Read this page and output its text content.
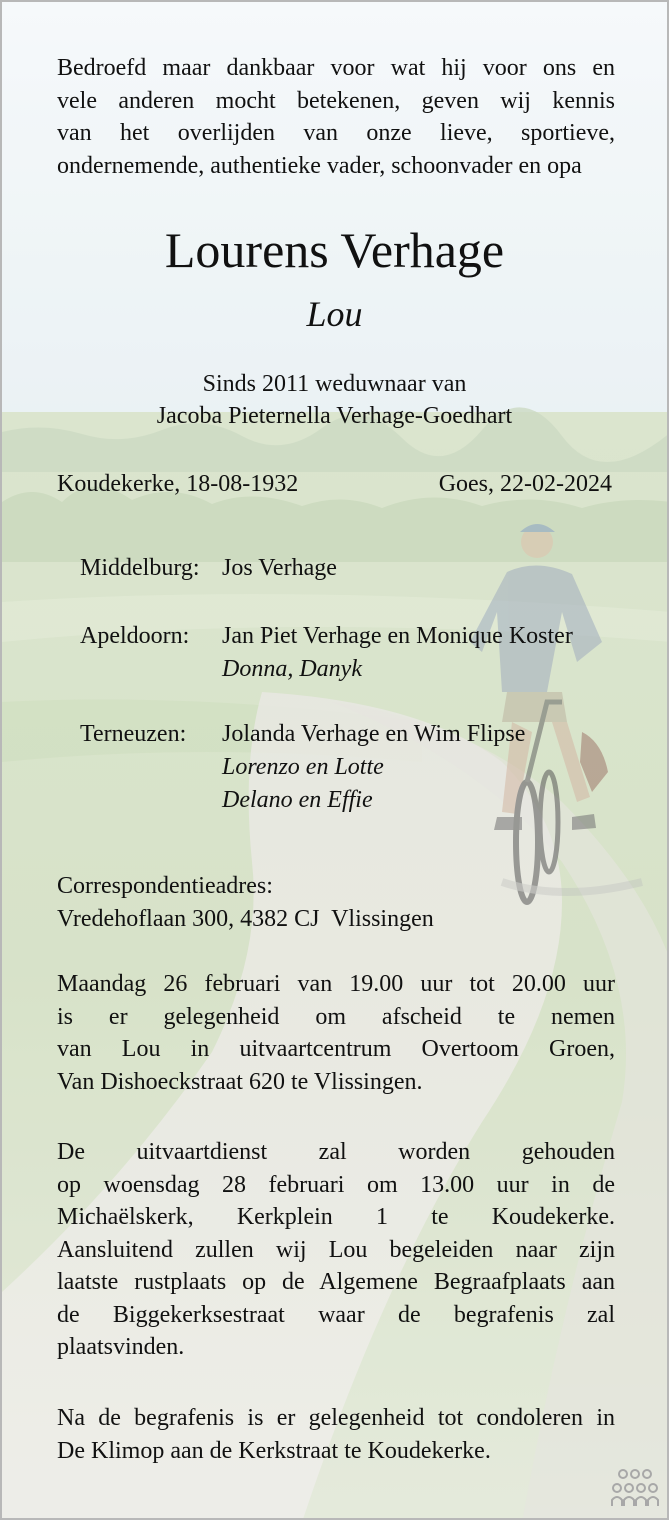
Bedroefd maar dankbaar voor wat hij voor ons en
vele anderen mocht betekenen, geven wij kennis
van het overlijden van onze lieve, sportieve,
ondernemende, authentieke vader, schoonvader en opa

Lourens Verhage
Lou
Sinds 2011 weduwnaar van
Jacoba Pieternella Verhage-Goedhart
Koudekerke, 18-08-1932	Goes, 22-02-2024
Middelburg: Jos Verhage
Apeldoorn:	Jan Piet Verhage en Monique Koster
Donna, Danyk
Terneuzen:	Jolanda Verhage en Wim Flipse
Lorenzo en Lotte
Delano en Effie
Correspondentieadres:
Vredehoflaan 300, 4382 CJ  Vlissingen

Maandag 26 februari van 19.00 uur tot 20.00 uur
is er gelegenheid om afscheid te nemen
van Lou in uitvaartcentrum Overtoom Groen,
Van Dishoeckstraat 620 te Vlissingen.

De uitvaartdienst zal worden gehouden
op woensdag 28 februari om 13.00 uur in de
Michaëlskerk, Kerkplein 1 te Koudekerke.
Aansluitend zullen wij Lou begeleiden naar zijn
laatste rustplaats op de Algemene Begraafplaats aan
de Biggekerksestraat waar de begrafenis zal
plaatsvinden.

Na de begrafenis is er gelegenheid tot condoleren in
De Klimop aan de Kerkstraat te Koudekerke.
